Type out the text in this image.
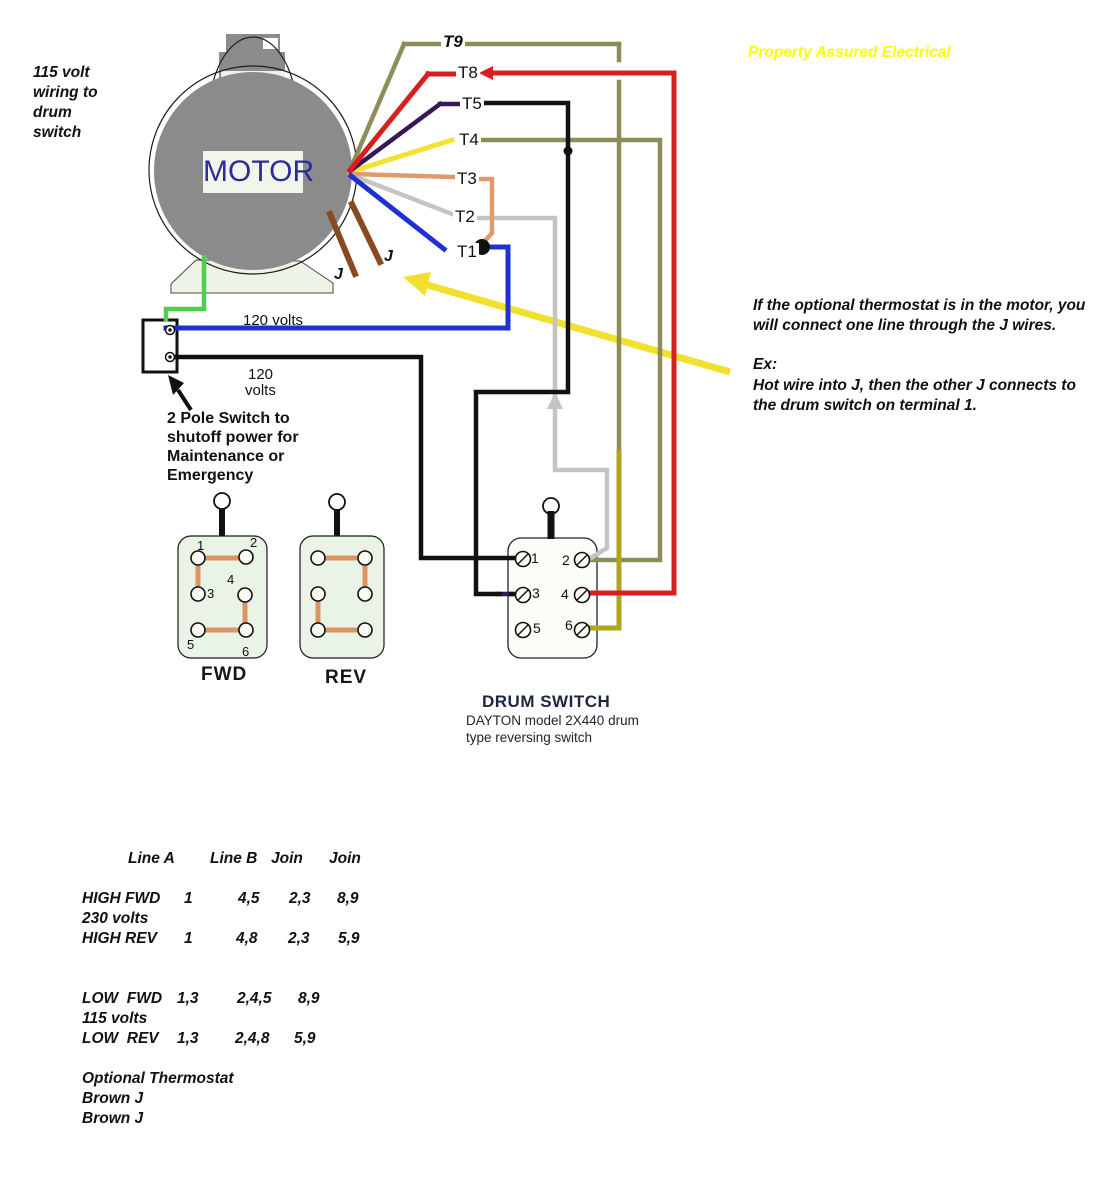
115 volt
wiring to
drum
switch
Property Assured Electrical
MOTOR
T9
T8
T5
T4
T3
T2
T1
J
J
120 volts
120
volts
2 Pole Switch to
shutoff power for
Maintenance or
Emergency
1	2
3
4
5	6
FWD	REV
1 2
3 4
5 6
DRUM SWITCH
DAYTON model 2X440 drum
type reversing switch
If the optional thermostat is in the motor, you
will connect one line through the J wires.
Ex:
Hot wire into J, then the other J connects to
the drum switch on terminal 1.
Line A Line B Join Join
HIGH FWD 1	4,5 2,3 8,9
230 volts
HIGH REV 1	4,8 2,3 5,9
LOW  FWD 1,3 2,4,5 8,9
115 volts
LOW  REV 1,3 2,4,8 5,9
Optional Thermostat
Brown J
Brown J
